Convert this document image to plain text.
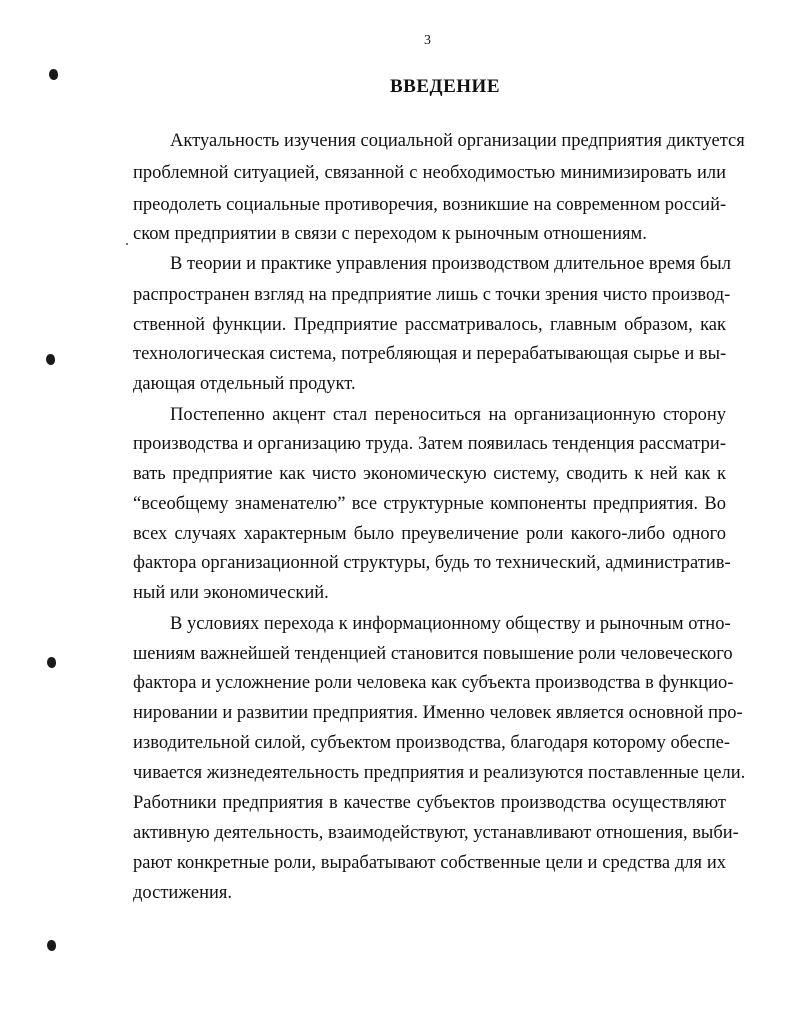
3
ВВЕДЕНИЕ
Актуальность изучения социальной организации предприятия диктуется
проблемной ситуацией, связанной с необходимостью минимизировать или
преодолеть социальные противоречия, возникшие на современном россий-
ском предприятии в связи с переходом к рыночным отношениям.
В теории и практике управления производством длительное время был
распространен взгляд на предприятие лишь с точки зрения чисто производ-
ственной функции. Предприятие рассматривалось, главным образом, как
технологическая система, потребляющая и перерабатывающая сырье и вы-
дающая отдельный продукт.
Постепенно акцент стал переноситься на организационную сторону
производства и организацию труда. Затем появилась тенденция рассматри-
вать предприятие как чисто экономическую систему, сводить к ней как к
“всеобщему знаменателю” все структурные компоненты предприятия. Во
всех случаях характерным было преувеличение роли какого-либо одного
фактора организационной структуры, будь то технический, административ-
ный или экономический.
В условиях перехода к информационному обществу и рыночным отно-
шениям важнейшей тенденцией становится повышение роли человеческого
фактора и усложнение роли человека как субъекта производства в функцио-
нировании и развитии предприятия. Именно человек является основной про-
изводительной силой, субъектом производства, благодаря которому обеспе-
чивается жизнедеятельность предприятия и реализуются поставленные цели.
Работники предприятия в качестве субъектов производства осуществляют
активную деятельность, взаимодействуют, устанавливают отношения, выби-
рают конкретные роли, вырабатывают собственные цели и средства для их
достижения.
